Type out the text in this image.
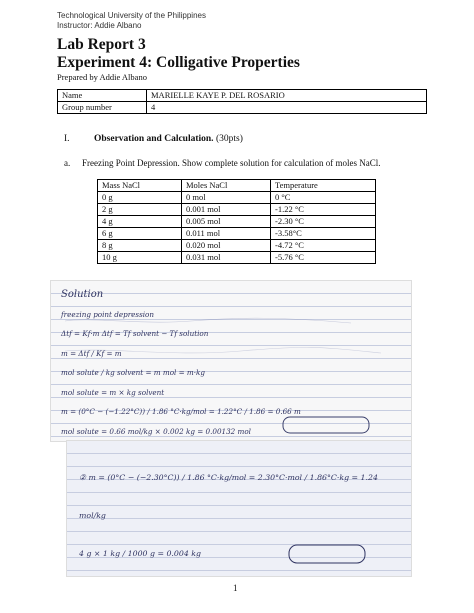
Technological University of the Philippines
Instructor: Addie Albano
Lab Report 3
Experiment 4: Colligative Properties
Prepared by Addie Albano
Name	MARIELLE KAYE P. DEL ROSARIO
Group number	4
I.	Observation and Calculation. (30pts)
a. Freezing Point Depression. Show complete solution for calculation of moles NaCl.
Mass NaCl	Moles NaCl	Temperature
0 g	0 mol	0 °C
2 g	0.001 mol	-1.22 °C
4 g	0.005 mol	-2.30 °C
6 g	0.011 mol	-3.58°C
8 g	0.020 mol	-4.72 °C
10 g	0.031 mol	-5.76 °C
Solution
freezing point depression
Δtf = Kf·m Δtf = Tf solvent − Tf solution
m = Δtf / Kf = m
mol solute / kg solvent = m mol = m·kg
mol solute = m × kg solvent
m = (0°C − (−1.22°C)) / 1.86 °C·kg/mol = 1.22°C / 1.86 = 0.66 m
mol solute = 0.66 mol/kg × 0.002 kg = 0.00132 mol
② m = (0°C − (−2.30°C)) / 1.86 °C·kg/mol = 2.30°C·mol / 1.86°C·kg = 1.24 mol/kg
4 g × 1 kg / 1000 g = 0.004 kg
1
